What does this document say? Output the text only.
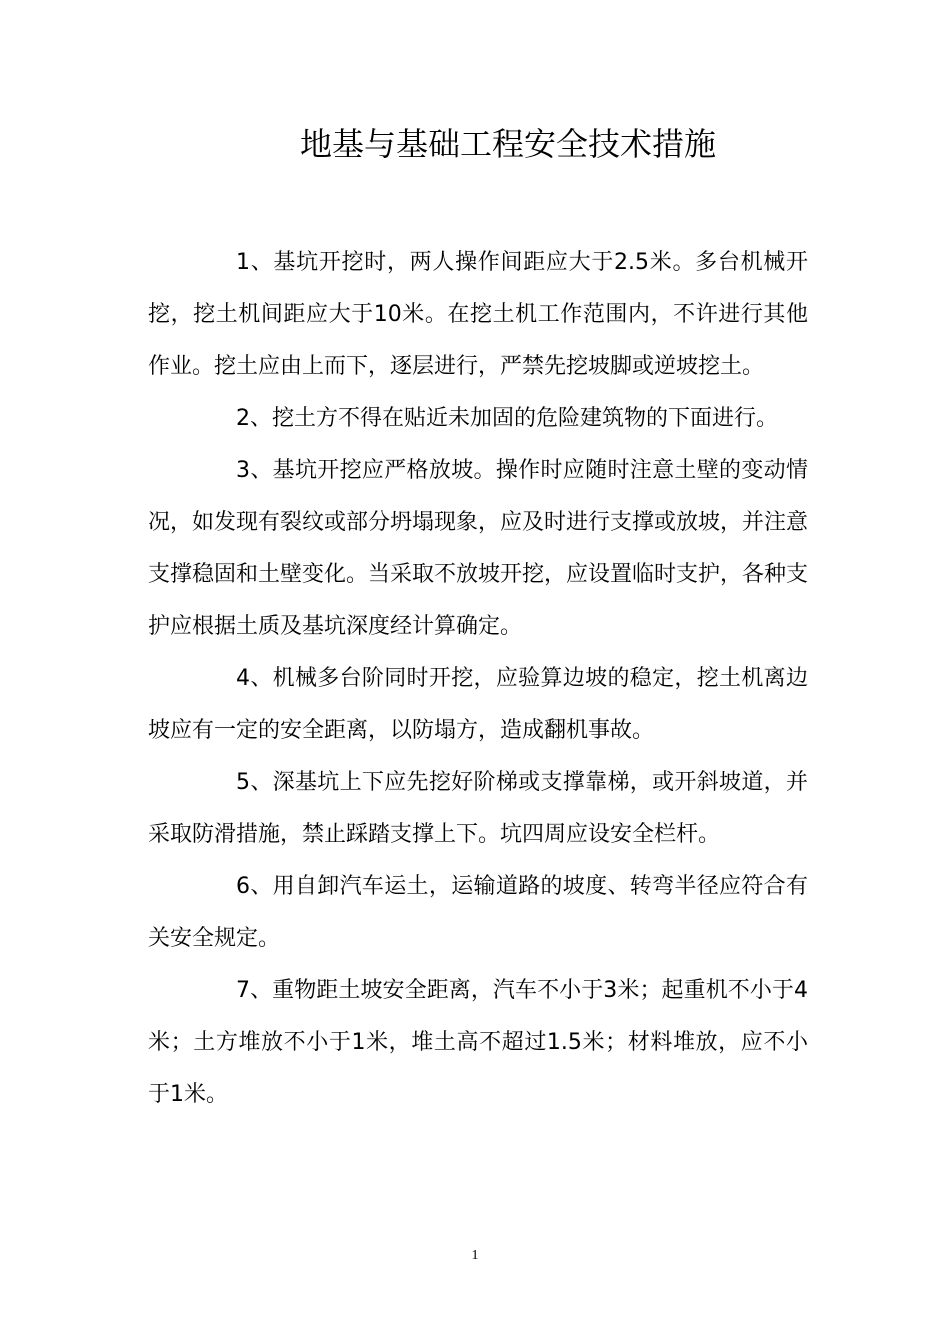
地基与基础工程安全技术措施

1、基坑开挖时，两人操作间距应大于2.5米。多台机械开挖，挖土机间距应大于10米。在挖土机工作范围内，不许进行其他作业。挖土应由上而下，逐层进行，严禁先挖坡脚或逆坡挖土。

2、挖土方不得在贴近未加固的危险建筑物的下面进行。

3、基坑开挖应严格放坡。操作时应随时注意土壁的变动情况，如发现有裂纹或部分坍塌现象，应及时进行支撑或放坡，并注意支撑稳固和土壁变化。当采取不放坡开挖，应设置临时支护，各种支护应根据土质及基坑深度经计算确定。

4、机械多台阶同时开挖，应验算边坡的稳定，挖土机离边坡应有一定的安全距离，以防塌方，造成翻机事故。

5、深基坑上下应先挖好阶梯或支撑靠梯，或开斜坡道，并采取防滑措施，禁止踩踏支撑上下。坑四周应设安全栏杆。

6、用自卸汽车运土，运输道路的坡度、转弯半径应符合有关安全规定。

7、重物距土坡安全距离，汽车不小于3米；起重机不小于4米；土方堆放不小于1米，堆土高不超过1.5米；材料堆放，应不小于1米。

1
